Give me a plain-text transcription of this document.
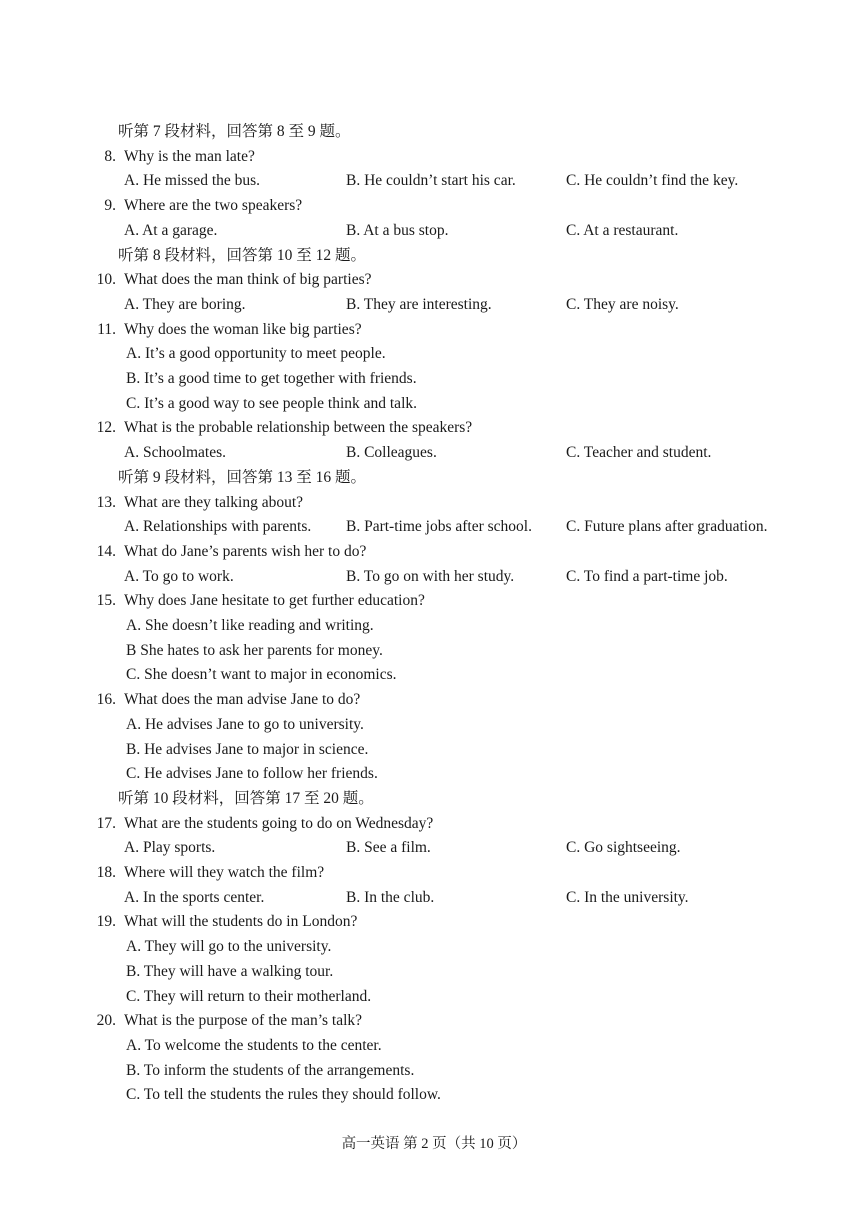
听第 7 段材料，回答第 8 至 9 题。
8. Why is the man late?
A. He missed the bus.	B. He couldn’t start his car.	C. He couldn’t find the key.
9. Where are the two speakers?
A. At a garage.	B. At a bus stop.	C. At a restaurant.
听第 8 段材料，回答第 10 至 12 题。
10. What does the man think of big parties?
A. They are boring.	B. They are interesting.	C. They are noisy.
11. Why does the woman like big parties?
A. It’s a good opportunity to meet people.
B. It’s a good time to get together with friends.
C. It’s a good way to see people think and talk.
12. What is the probable relationship between the speakers?
A. Schoolmates.	B. Colleagues.	C. Teacher and student.
听第 9 段材料，回答第 13 至 16 题。
13. What are they talking about?
A. Relationships with parents. B. Part-time jobs after school. C. Future plans after graduation.
14. What do Jane’s parents wish her to do?
A. To go to work.	B. To go on with her study.	C. To find a part-time job.
15. Why does Jane hesitate to get further education?
A. She doesn’t like reading and writing.
B She hates to ask her parents for money.
C. She doesn’t want to major in economics.
16. What does the man advise Jane to do?
A. He advises Jane to go to university.
B. He advises Jane to major in science.
C. He advises Jane to follow her friends.
听第 10 段材料，回答第 17 至 20 题。
17. What are the students going to do on Wednesday?
A. Play sports.	B. See a film.	C. Go sightseeing.
18. Where will they watch the film?
A. In the sports center.	B. In the club.	C. In the university.
19. What will the students do in London?
A. They will go to the university.
B. They will have a walking tour.
C. They will return to their motherland.
20. What is the purpose of the man’s talk?
A. To welcome the students to the center.
B. To inform the students of the arrangements.
C. To tell the students the rules they should follow.
高一英语 第 2 页（共 10 页）
